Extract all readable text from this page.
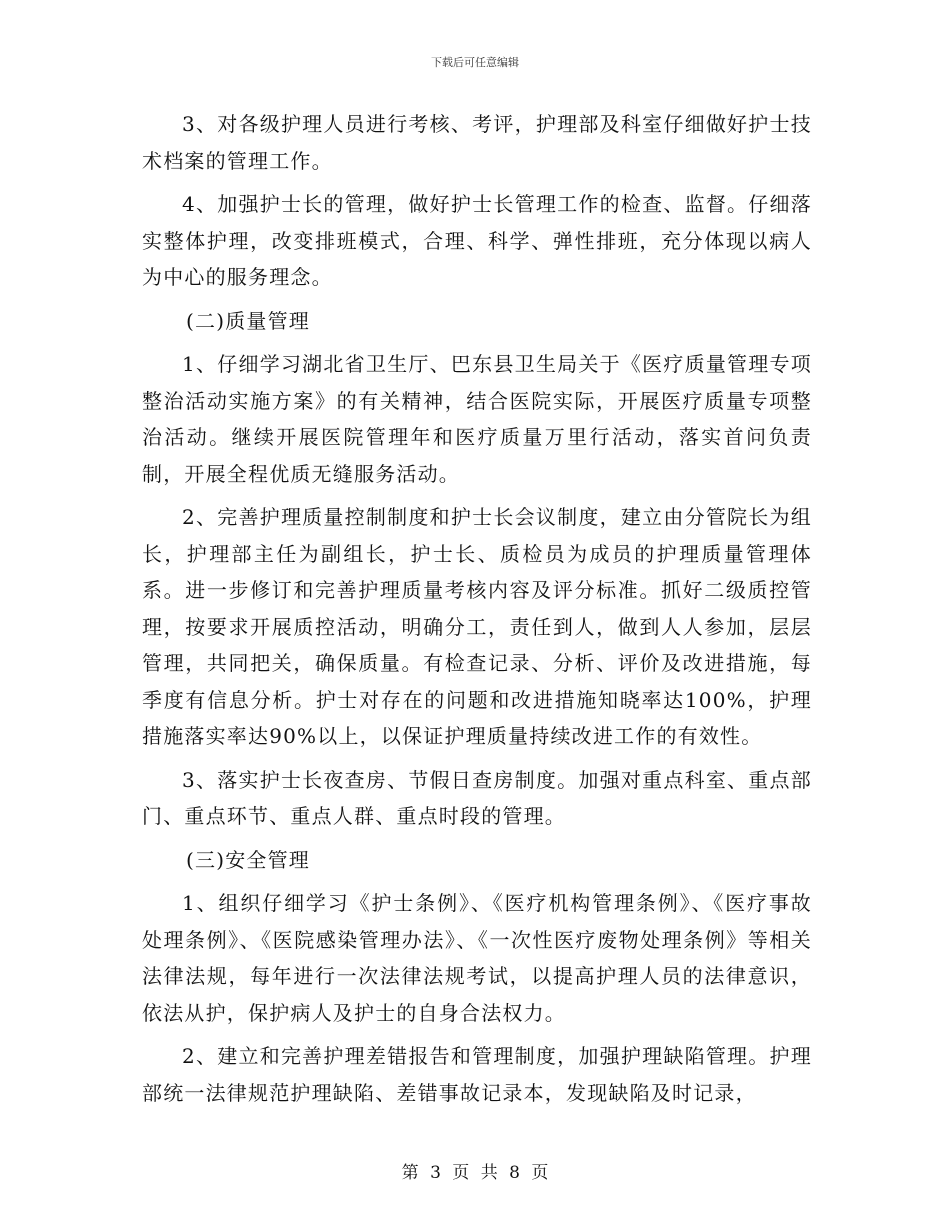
下载后可任意编辑

3、对各级护理人员进行考核、考评，护理部及科室仔细做好护士技术档案的管理工作。

4、加强护士长的管理，做好护士长管理工作的检查、监督。仔细落实整体护理，改变排班模式，合理、科学、弹性排班，充分体现以病人为中心的服务理念。

(二)质量管理

1、仔细学习湖北省卫生厅、巴东县卫生局关于《医疗质量管理专项整治活动实施方案》的有关精神，结合医院实际，开展医疗质量专项整治活动。继续开展医院管理年和医疗质量万里行活动，落实首问负责制，开展全程优质无缝服务活动。

2、完善护理质量控制制度和护士长会议制度，建立由分管院长为组长，护理部主任为副组长，护士长、质检员为成员的护理质量管理体系。进一步修订和完善护理质量考核内容及评分标准。抓好二级质控管理，按要求开展质控活动，明确分工，责任到人，做到人人参加，层层管理，共同把关，确保质量。有检查记录、分析、评价及改进措施，每季度有信息分析。护士对存在的问题和改进措施知晓率达100%，护理措施落实率达90%以上，以保证护理质量持续改进工作的有效性。

3、落实护士长夜查房、节假日查房制度。加强对重点科室、重点部门、重点环节、重点人群、重点时段的管理。

(三)安全管理

1、组织仔细学习《护士条例》、《医疗机构管理条例》、《医疗事故处理条例》、《医院感染管理办法》、《一次性医疗废物处理条例》等相关法律法规，每年进行一次法律法规考试，以提高护理人员的法律意识，依法从护，保护病人及护士的自身合法权力。

2、建立和完善护理差错报告和管理制度，加强护理缺陷管理。护理部统一法律规范护理缺陷、差错事故记录本，发现缺陷及时记录，

第 3 页 共 8 页
